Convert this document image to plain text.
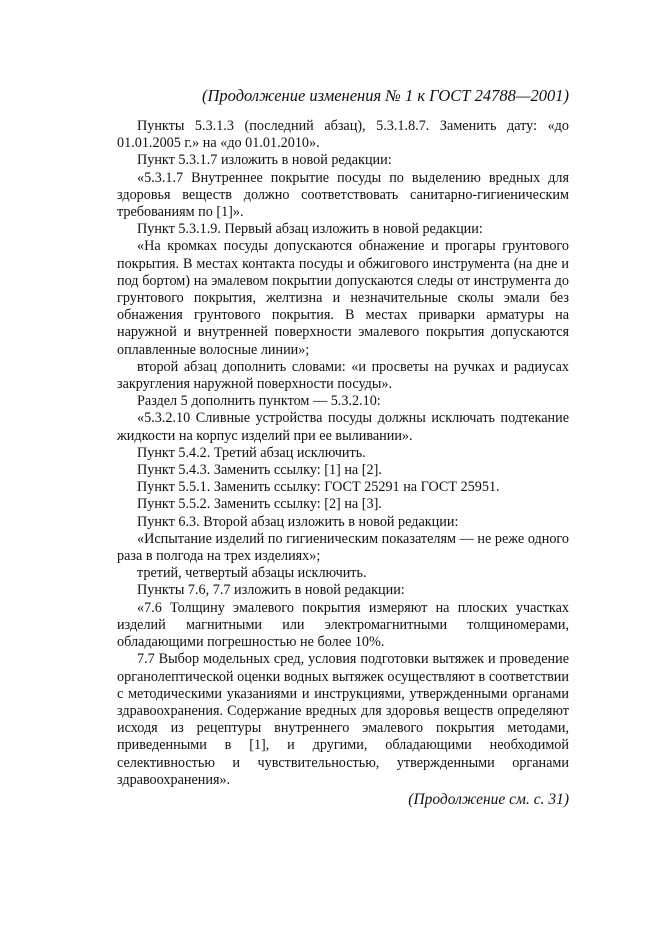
(Продолжение изменения № 1 к ГОСТ 24788—2001)

Пункты 5.3.1.3 (последний абзац), 5.3.1.8.7. Заменить дату: «до 01.01.2005 г.» на «до 01.01.2010».

Пункт 5.3.1.7 изложить в новой редакции:

«5.3.1.7 Внутреннее покрытие посуды по выделению вредных для здоровья веществ должно соответствовать санитарно-гигиеническим требованиям по [1]».

Пункт 5.3.1.9. Первый абзац изложить в новой редакции:

«На кромках посуды допускаются обнажение и прогары грунтового покрытия. В местах контакта посуды и обжигового инструмента (на дне и под бортом) на эмалевом покрытии допускаются следы от инструмента до грунтового покрытия, желтизна и незначительные сколы эмали без обнажения грунтового покрытия. В местах приварки арматуры на наружной и внутренней поверхности эмалевого покрытия допускаются оплавленные волосные линии»;

второй абзац дополнить словами: «и просветы на ручках и радиусах закругления наружной поверхности посуды».

Раздел 5 дополнить пунктом — 5.3.2.10:

«5.3.2.10 Сливные устройства посуды должны исключать подтекание жидкости на корпус изделий при ее выливании».

Пункт 5.4.2. Третий абзац исключить.

Пункт 5.4.3. Заменить ссылку: [1] на [2].

Пункт 5.5.1. Заменить ссылку: ГОСТ 25291 на ГОСТ 25951.

Пункт 5.5.2. Заменить ссылку: [2] на [3].

Пункт 6.3. Второй абзац изложить в новой редакции:

«Испытание изделий по гигиеническим показателям — не реже одного раза в полгода на трех изделиях»;

третий, четвертый абзацы исключить.

Пункты 7.6, 7.7 изложить в новой редакции:

«7.6 Толщину эмалевого покрытия измеряют на плоских участках изделий магнитными или электромагнитными толщиномерами, обладающими погрешностью не более 10%.

7.7 Выбор модельных сред, условия подготовки вытяжек и проведение органолептической оценки водных вытяжек осуществляют в соответствии с методическими указаниями и инструкциями, утвержденными органами здравоохранения. Содержание вредных для здоровья веществ определяют исходя из рецептуры внутреннего эмалевого покрытия методами, приведенными в [1], и другими, обладающими необходимой селективностью и чувствительностью, утвержденными органами здравоохранения».

(Продолжение см. с. 31)
